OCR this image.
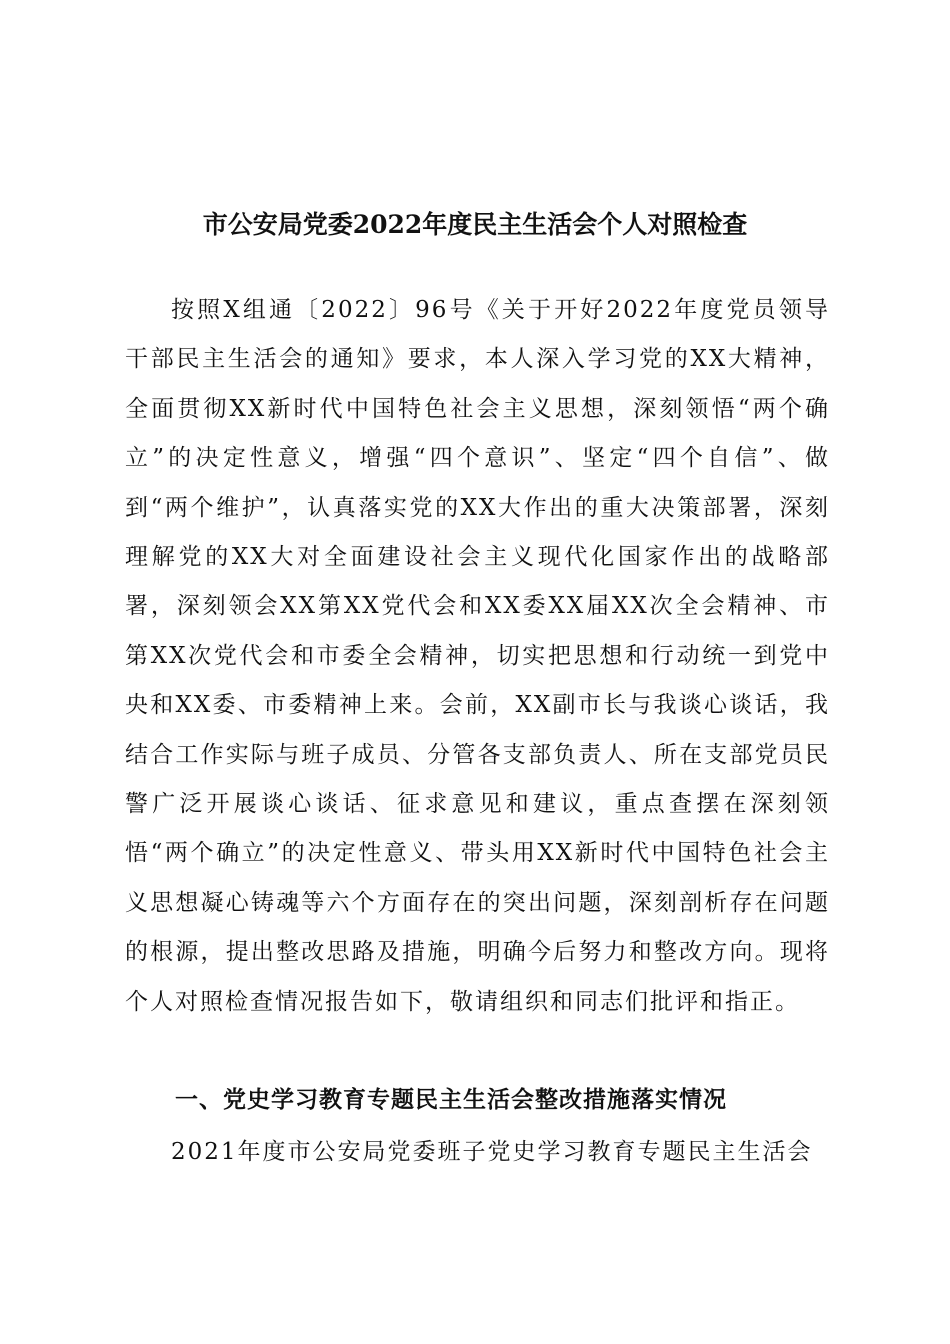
市公安局党委2022年度民主生活会个人对照检查

按照X组通〔2022〕96号《关于开好2022年度党员领导干部民主生活会的通知》要求，本人深入学习党的XX大精神，全面贯彻XX新时代中国特色社会主义思想，深刻领悟“两个确立”的决定性意义，增强“四个意识”、坚定“四个自信”、做到“两个维护”，认真落实党的XX大作出的重大决策部署，深刻理解党的XX大对全面建设社会主义现代化国家作出的战略部署，深刻领会XX第XX党代会和XX委XX届XX次全会精神、市第XX次党代会和市委全会精神，切实把思想和行动统一到党中央和XX委、市委精神上来。会前，XX副市长与我谈心谈话，我结合工作实际与班子成员、分管各支部负责人、所在支部党员民警广泛开展谈心谈话、征求意见和建议，重点查摆在深刻领悟“两个确立”的决定性意义、带头用XX新时代中国特色社会主义思想凝心铸魂等六个方面存在的突出问题，深刻剖析存在问题的根源，提出整改思路及措施，明确今后努力和整改方向。现将个人对照检查情况报告如下，敬请组织和同志们批评和指正。

一、党史学习教育专题民主生活会整改措施落实情况

2021年度市公安局党委班子党史学习教育专题民主生活会
